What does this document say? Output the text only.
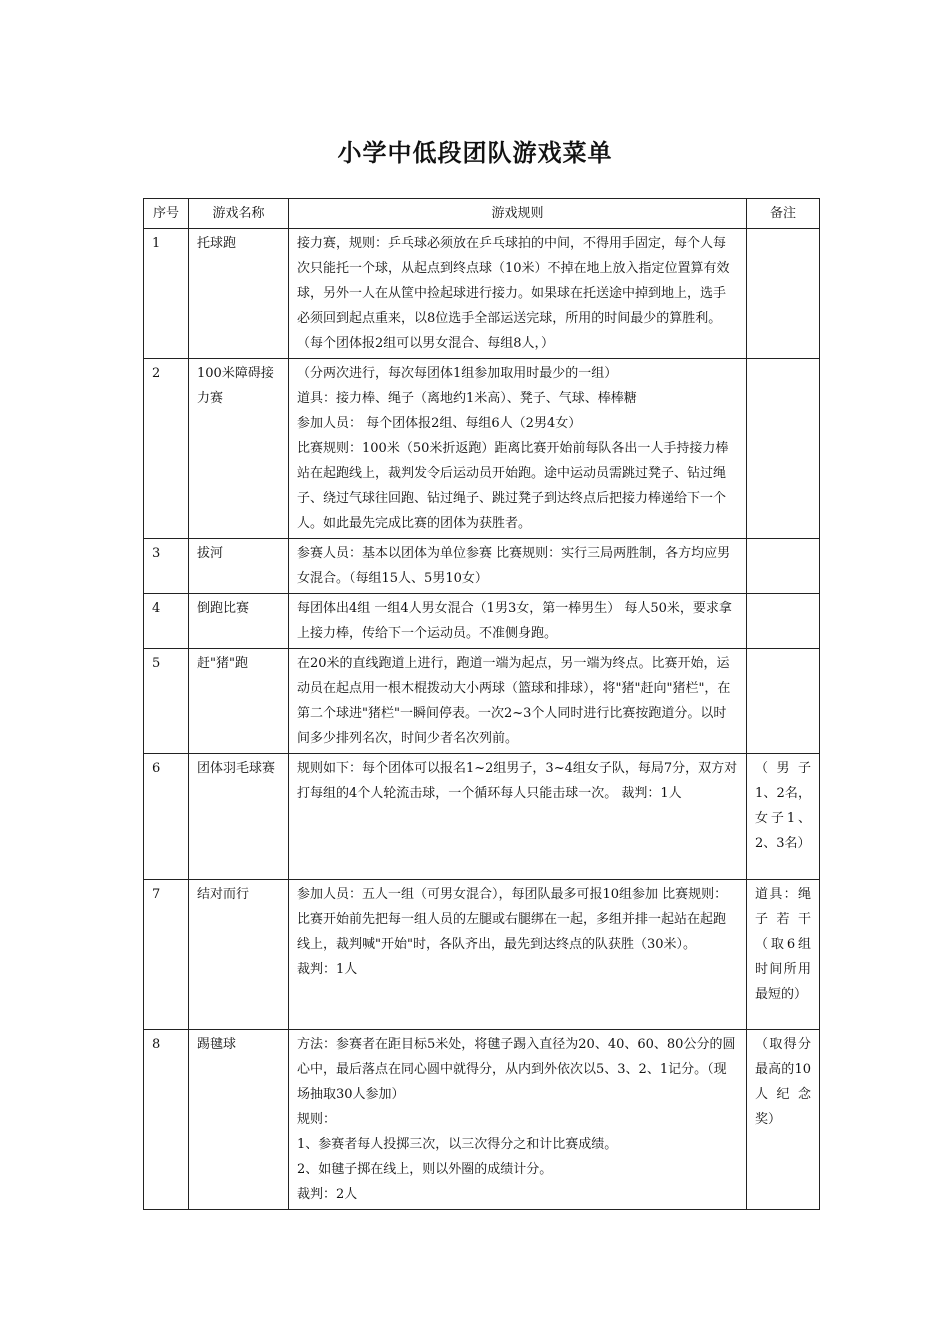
小学中低段团队游戏菜单
序号	游戏名称	游戏规则	备注
1	托球跑	接力赛，规则：乒乓球必须放在乒乓球拍的中间，不得用手固定，每个人每次只能托一个球，从起点到终点球（10米）不掉在地上放入指定位置算有效球，另外一人在从筐中捡起球进行接力。如果球在托送途中掉到地上，选手必须回到起点重来，以8位选手全部运送完球，所用的时间最少的算胜利。（每个团体报2组可以男女混合、每组8人，）	

2	100米障碍接力赛	（分两次进行，每次每团体1组参加取用时最少的一组）
道具：接力棒、绳子（离地约1米高）、凳子、气球、棒棒糖
参加人员： 每个团体报2组、每组6人（2男4女）
比赛规则：100米（50米折返跑）距离比赛开始前每队各出一人手持接力棒站在起跑线上，裁判发令后运动员开始跑。途中运动员需跳过凳子、钻过绳子、绕过气球往回跑、钻过绳子、跳过凳子到达终点后把接力棒递给下一个人。如此最先完成比赛的团体为获胜者。	

3	拔河	参赛人员：基本以团体为单位参赛 比赛规则：实行三局两胜制，各方均应男女混合。（每组15人、5男10女）	

4	倒跑比赛	每团体出4组 一组4人男女混合（1男3女，第一棒男生） 每人50米，要求拿上接力棒，传给下一个运动员。不准侧身跑。	

5	赶"猪"跑	在20米的直线跑道上进行，跑道一端为起点，另一端为终点。比赛开始，运动员在起点用一根木棍拨动大小两球（篮球和排球），将"猪"赶向"猪栏"，在第二个球进"猪栏"一瞬间停表。一次2~3个人同时进行比赛按跑道分。以时间多少排列名次，时间少者名次列前。	

6	团体羽毛球赛	规则如下：每个团体可以报名1~2组男子，3~4组女子队，每局7分，双方对打每组的4个人轮流击球，一个循环每人只能击球一次。 裁判：1人	（男子1、2名，女子1、2、3名）
7	结对而行	参加人员：五人一组（可男女混合），每团队最多可报10组参加 比赛规则：比赛开始前先把每一组人员的左腿或右腿绑在一起，多组并排一起站在起跑线上，裁判喊"开始"时，各队齐出，最先到达终点的队获胜（30米）。
裁判：1人	道具：绳子若干（取6组时间所用最短的）
8	踢毽球	方法：参赛者在距目标5米处，将毽子踢入直径为20、40、60、80公分的圆心中，最后落点在同心圆中就得分，从内到外依次以5、3、2、1记分。（现场抽取30人参加）
规则：
1、参赛者每人投掷三次，以三次得分之和计比赛成绩。
2、如毽子掷在线上，则以外圈的成绩计分。
裁判：2人	（取得分最高的10人纪念奖）
